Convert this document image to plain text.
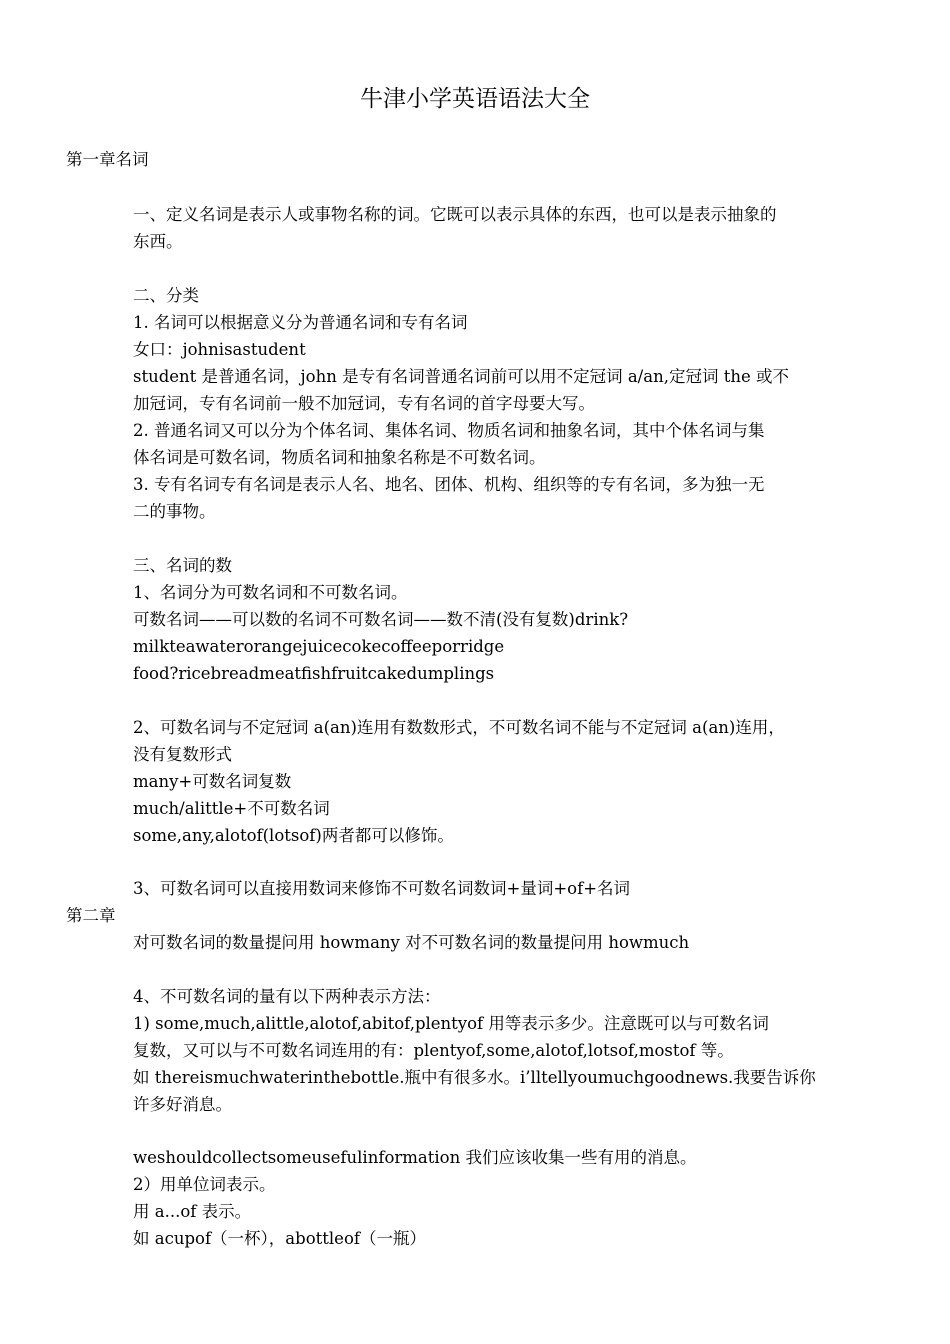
牛津小学英语语法大全
第一章名词
一、定义名词是表示人或事物名称的词。它既可以表示具体的东西，也可以是表示抽象的
东西。
二、分类
1. 名词可以根据意义分为普通名词和专有名词
女口：johnisastudent
student 是普通名词，john 是专有名词普通名词前可以用不定冠词 a/an,定冠词 the 或不
加冠词，专有名词前一般不加冠词，专有名词的首字母要大写。
2. 普通名词又可以分为个体名词、集体名词、物质名词和抽象名词，其中个体名词与集
体名词是可数名词，物质名词和抽象名称是不可数名词。
3. 专有名词专有名词是表示人名、地名、团体、机构、组织等的专有名词，多为独一无
二的事物。
三、名词的数
1、名词分为可数名词和不可数名词。
可数名词——可以数的名词不可数名词——数不清(没有复数)drink?
milkteawaterorangejuicecokecoffeeporridge
food?ricebreadmeatfishfruitcakedumplings
2、可数名词与不定冠词 a(an)连用有数数形式，不可数名词不能与不定冠词 a(an)连用，
没有复数形式
many+可数名词复数
much/alittle+不可数名词
some,any,alotof(lotsof)两者都可以修饰。
3、可数名词可以直接用数词来修饰不可数名词数词+量词+of+名词
第二章
对可数名词的数量提问用 howmany 对不可数名词的数量提问用 howmuch
4、不可数名词的量有以下两种表示方法：
1) some,much,alittle,alotof,abitof,plentyof 用等表示多少。注意既可以与可数名词
复数，又可以与不可数名词连用的有：plentyof,some,alotof,lotsof,mostof 等。
如 thereismuchwaterinthebottle.瓶中有很多水。i’lltellyoumuchgoodnews.我要告诉你
许多好消息。
weshouldcollectsomeusefulinformation 我们应该收集一些有用的消息。
2）用单位词表示。
用 a...of 表示。
如 acupof（一杯），abottleof（一瓶）
